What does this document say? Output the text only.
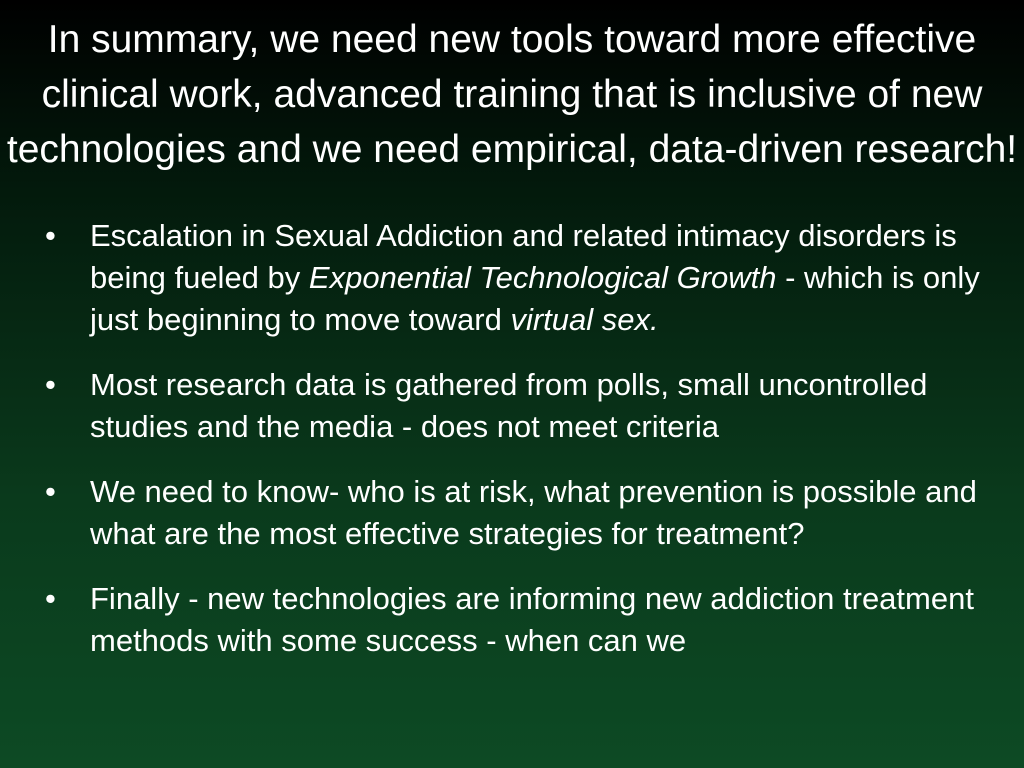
• Escalation in Sexual Addiction and related intimacy disorders is being fueled by Exponential Technological Growth - which is only just beginning to move toward virtual sex.
• Most research data is gathered from polls, small uncontrolled studies and the media - does not meet criteria
• We need to know- who is at risk, what prevention is possible and what are the most effective strategies for treatment?
• Finally - new technologies are informing new addiction treatment methods with some success - when can we
In summary, we need new tools toward more effective clinical work, advanced training that is inclusive of new technologies and we need empirical, data-driven research!
